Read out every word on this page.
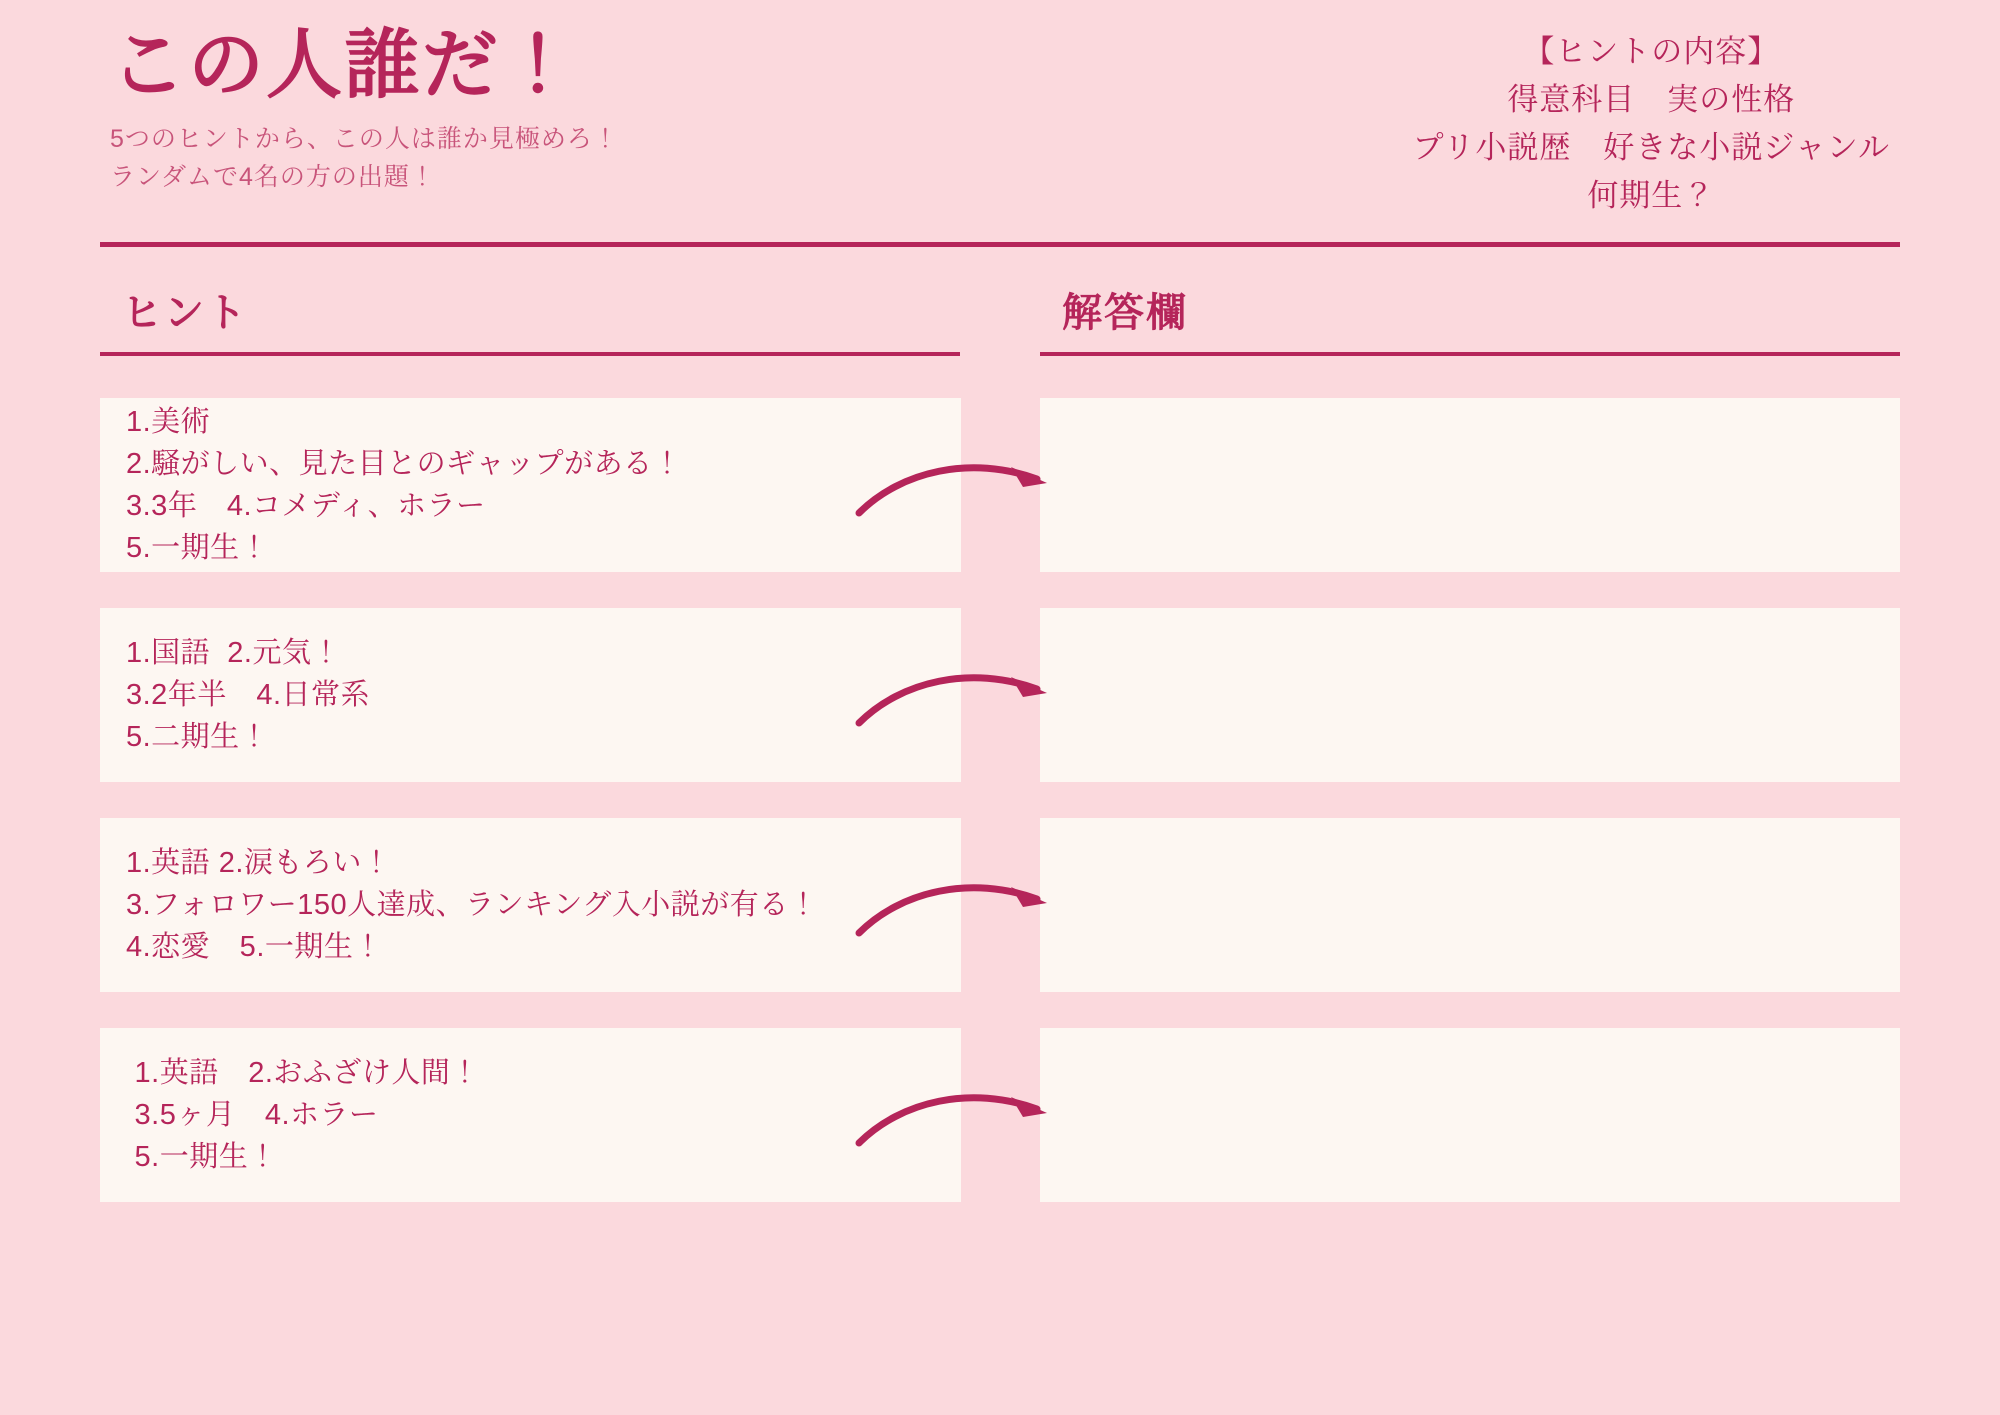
この人誰だ！
5つのヒントから、この人は誰か見極めろ！
ランダムで4名の方の出題！
【ヒントの内容】
得意科目　実の性格
プリ小説歴　好きな小説ジャンル
何期生？
ヒント	解答欄
1.美術
2.騒がしい、見た目とのギャップがある！
3.3年　4.コメディ、ホラー
5.一期生！
1.国語  2.元気！
3.2年半　4.日常系
5.二期生！
1.英語 2.涙もろい！
3.フォロワー150人達成、ランキング入小説が有る！
4.恋愛　5.一期生！
1.英語　2.おふざけ人間！
3.5ヶ月　4.ホラー
5.一期生！
